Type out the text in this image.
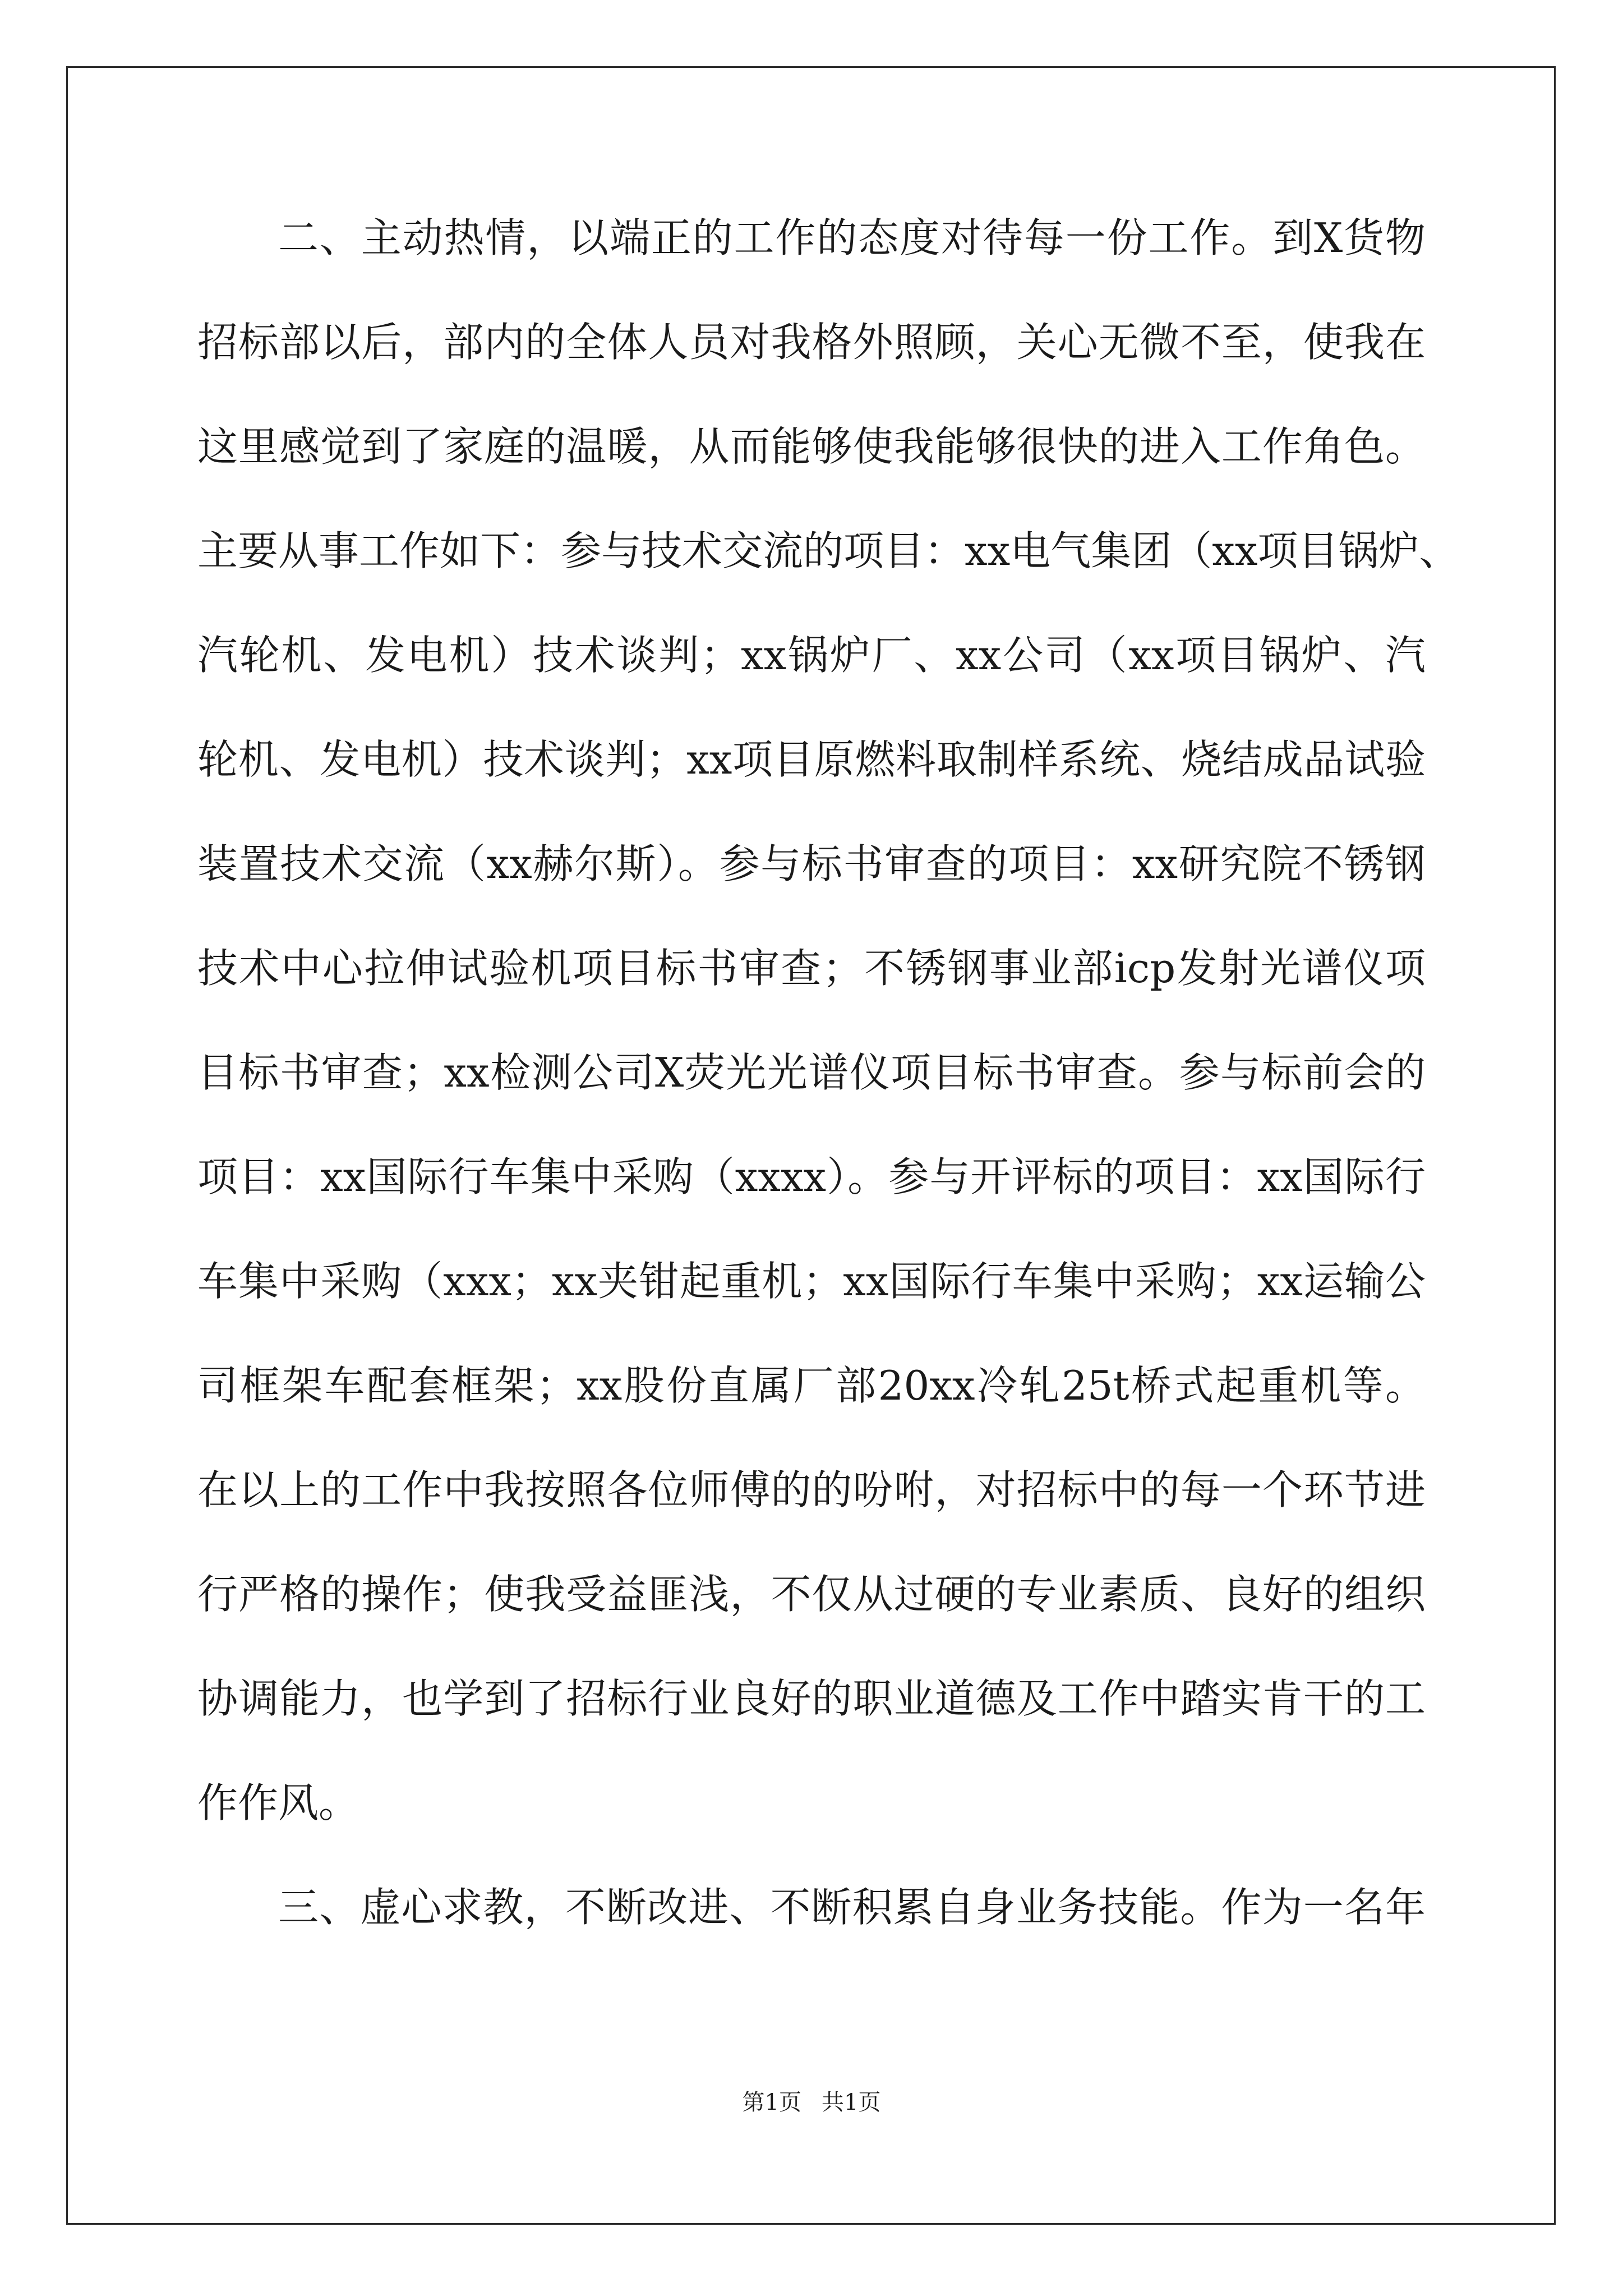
二、主动热情，以端正的工作的态度对待每一份工作。到X货物
招标部以后，部内的全体人员对我格外照顾，关心无微不至，使我在
这里感觉到了家庭的温暖，从而能够使我能够很快的进入工作角色。
主要从事工作如下：参与技术交流的项目：xx电气集团（xx项目锅炉、
汽轮机、发电机）技术谈判；xx锅炉厂、xx公司（xx项目锅炉、汽
轮机、发电机）技术谈判；xx项目原燃料取制样系统、烧结成品试验
装置技术交流（xx赫尔斯）。参与标书审查的项目：xx研究院不锈钢
技术中心拉伸试验机项目标书审查；不锈钢事业部icp发射光谱仪项
目标书审查；xx检测公司X荧光光谱仪项目标书审查。参与标前会的
项目：xx国际行车集中采购（xxxx）。参与开评标的项目：xx国际行
车集中采购（xxx；xx夹钳起重机；xx国际行车集中采购；xx运输公
司框架车配套框架；xx股份直属厂部20xx冷轧25t桥式起重机等。
在以上的工作中我按照各位师傅的的吩咐，对招标中的每一个环节进
行严格的操作；使我受益匪浅，不仅从过硬的专业素质、良好的组织
协调能力，也学到了招标行业良好的职业道德及工作中踏实肯干的工
作作风。
三、虚心求教，不断改进、不断积累自身业务技能。作为一名年
第1页 共1页
